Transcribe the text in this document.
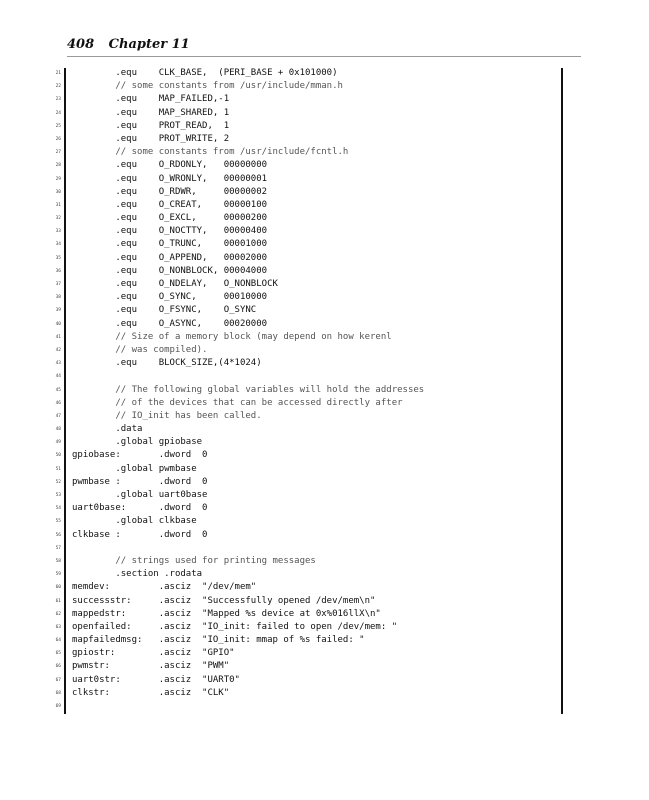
408 Chapter 11
21 .equ    CLK_BASE,  (PERI_BASE + 0x101000)
22 // some constants from /usr/include/mman.h
23 .equ    MAP_FAILED,-1
24 .equ    MAP_SHARED, 1
25 .equ    PROT_READ,  1
26 .equ    PROT_WRITE, 2
27 // some constants from /usr/include/fcntl.h
28 .equ    O_RDONLY,   00000000
29 .equ    O_WRONLY,   00000001
30 .equ    O_RDWR,     00000002
31 .equ    O_CREAT,    00000100
32 .equ    O_EXCL,     00000200
33 .equ    O_NOCTTY,   00000400
34 .equ    O_TRUNC,    00001000
35 .equ    O_APPEND,   00002000
36 .equ    O_NONBLOCK, 00004000
37 .equ    O_NDELAY,   O_NONBLOCK
38 .equ    O_SYNC,     00010000
39 .equ    O_FSYNC,    O_SYNC
40 .equ    O_ASYNC,    00020000
41 // Size of a memory block (may depend on how kerenl
42 // was compiled).
43 .equ    BLOCK_SIZE,(4*1024)
44
45 // The following global variables will hold the addresses
46 // of the devices that can be accessed directly after
47 // IO_init has been called.
48 .data
49 .global gpiobase
50 gpiobase:       .dword  0
51 .global pwmbase
52 pwmbase :       .dword  0
53 .global uart0base
54 uart0base:      .dword  0
55 .global clkbase
56 clkbase :       .dword  0
57
58 // strings used for printing messages
59 .section .rodata
60 memdev:         .asciz  "/dev/mem"
61 successstr:     .asciz  "Successfully opened /dev/mem\n"
62 mappedstr:      .asciz  "Mapped %s device at 0x%016llX\n"
63 openfailed:     .asciz  "IO_init: failed to open /dev/mem: "
64 mapfailedmsg:   .asciz  "IO_init: mmap of %s failed: "
65 gpiostr:        .asciz  "GPIO"
66 pwmstr:         .asciz  "PWM"
67 uart0str:       .asciz  "UART0"
68 clkstr:         .asciz  "CLK"
69
